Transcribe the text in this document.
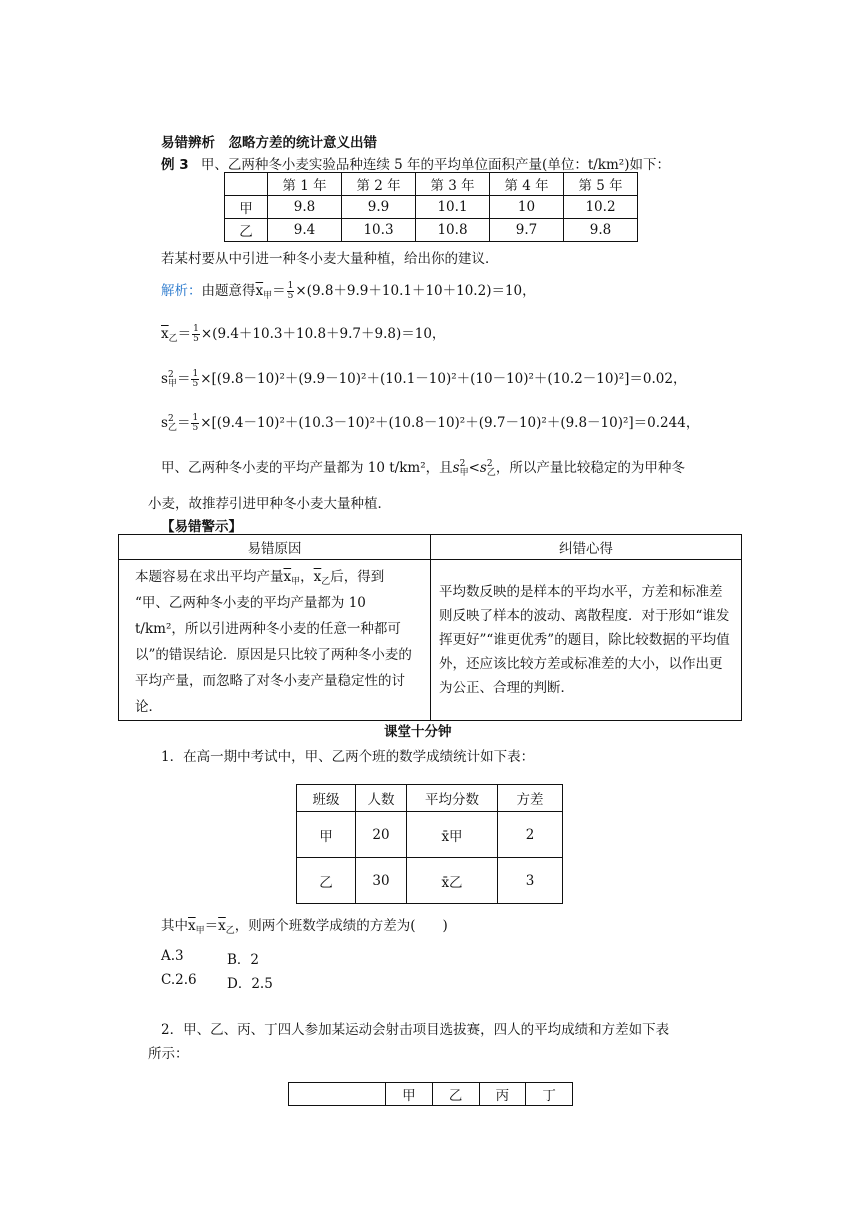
易错辨析　忽略方差的统计意义出错
例 3 甲、乙两种冬小麦实验品种连续 5 年的平均单位面积产量(单位：t/km²)如下：
	第 1 年	第 2 年	第 3 年	第 4 年	第 5 年
甲	9.8	9.9	10.1	10	10.2
乙	9.4	10.3	10.8	9.7	9.8
若某村要从中引进一种冬小麦大量种植，给出你的建议．
解析：由题意得$\overline{x}_甲= \frac{1}{5} \times(9.8+9.9+10.1+10+10.2)=10$，
$\overline{x}_乙= \frac{1}{5} \times(9.4+10.3+10.8+9.7+9.8)=10$，
s 2
甲 ＝ $\frac{1}{5} \times[(9.8-10)^2+(9.9-10)^2+(10.1-10)^2+(10-10)^2+(10.2-10)^2]=0.02$，
s 2
乙 ＝ $\frac{1}{5} \times[(9.4-10)^2+(10.3-10)^2+(10.8-10)^2+(9.7-10)^2+(9.8-10)^2]=0.244$，
甲、乙两种冬小麦的平均产量都为 10 t/km²，且s 2
甲 <s 2
乙 ，所以产量比较稳定的为甲种冬
小麦，故推荐引进甲种冬小麦大量种植．
【易错警示】
易错原因	纠错心得
本题容易在求出平均产量$\overline{x}_甲$，$\overline{x}_乙$后，得到
“甲、乙两种冬小麦的平均产量都为 10 t/km²，所以引进两种冬小麦的任意一种都可以”的错误结论．原因是只比较了两种冬小麦的平均产量，而忽略了对冬小麦产量稳定性的讨论．	平均数反映的是样本的平均水平，方差和标准差则反映了样本的波动、离散程度．对于形如“谁发挥更好”“谁更优秀”的题目，除比较数据的平均值外，还应该比较方差或标准差的大小，以作出更为公正、合理的判断．
课堂十分钟
1．在高一期中考试中，甲、乙两个班的数学成绩统计如下表：
班级	人数	平均分数	方差
甲	20	x̄甲	2
乙	30	x̄乙	3
其中$\overline{x}_甲=\overline{x}_乙$，则两个班数学成绩的方差为(　　)
A.3	B．2
C.2.6 D．2.5
2．甲、乙、丙、丁四人参加某运动会射击项目选拔赛，四人的平均成绩和方差如下表
所示：
	甲	乙	丙	丁
